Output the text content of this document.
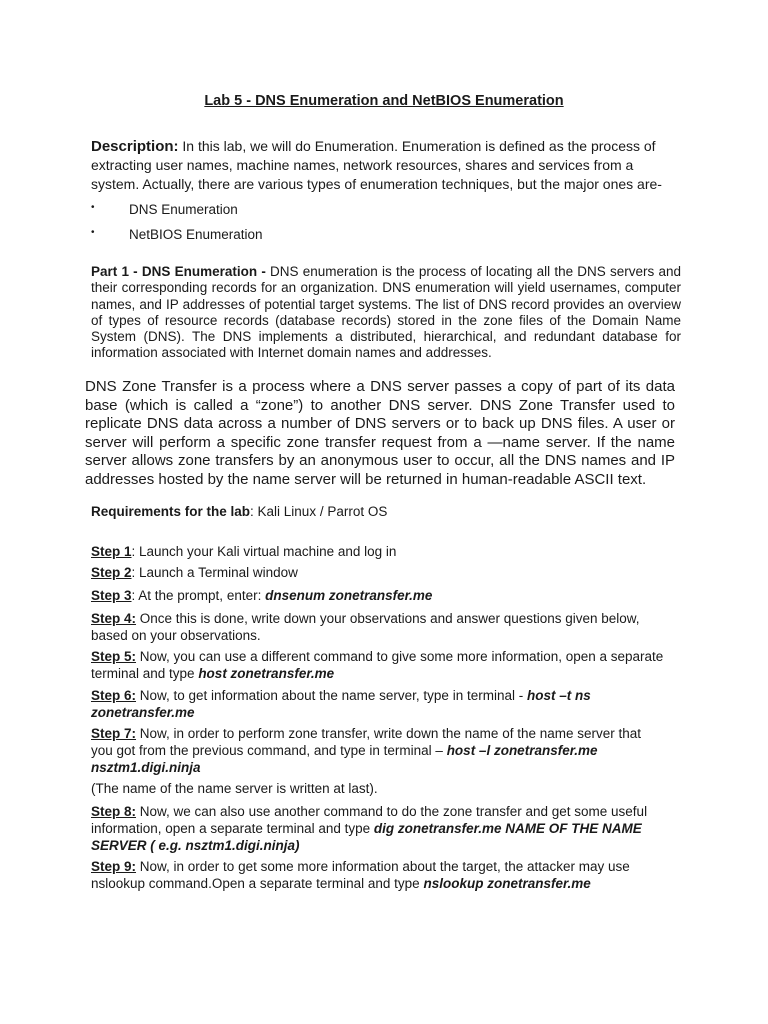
Lab 5 - DNS Enumeration and NetBIOS Enumeration
Description: In this lab, we will do Enumeration. Enumeration is defined as the process of extracting user names, machine names, network resources, shares and services from a system. Actually, there are various types of enumeration techniques, but the major ones are-
•	DNS Enumeration
•	NetBIOS Enumeration
Part 1 - DNS Enumeration - DNS enumeration is the process of locating all the DNS servers and their corresponding records for an organization. DNS enumeration will yield usernames, computer names, and IP addresses of potential target systems. The list of DNS record provides an overview of types of resource records (database records) stored in the zone files of the Domain Name System (DNS). The DNS implements a distributed, hierarchical, and redundant database for information associated with Internet domain names and addresses.
DNS Zone Transfer is a process where a DNS server passes a copy of part of its data base (which is called a “zone”) to another DNS server. DNS Zone Transfer used to replicate DNS data across a number of DNS servers or to back up DNS files. A user or server will perform a specific zone transfer request from a —name server. If the name server allows zone transfers by an anonymous user to occur, all the DNS names and IP addresses hosted by the name server will be returned in human-readable ASCII text.
Requirements for the lab: Kali Linux / Parrot OS
Step 1: Launch your Kali virtual machine and log in
Step 2: Launch a Terminal window
Step 3: At the prompt, enter: dnsenum zonetransfer.me
Step 4: Once this is done, write down your observations and answer questions given below, based on your observations.
Step 5: Now, you can use a different command to give some more information, open a separate terminal and type host zonetransfer.me
Step 6: Now, to get information about the name server, type in terminal - host –t ns zonetransfer.me
Step 7: Now, in order to perform zone transfer, write down the name of the name server that you got from the previous command, and type in terminal – host –l zonetransfer.me nsztm1.digi.ninja
(The name of the name server is written at last).
Step 8: Now, we can also use another command to do the zone transfer and get some useful information, open a separate terminal and type dig zonetransfer.me NAME OF THE NAME SERVER ( e.g. nsztm1.digi.ninja)
Step 9: Now, in order to get some more information about the target, the attacker may use nslookup command.Open a separate terminal and type nslookup zonetransfer.me
